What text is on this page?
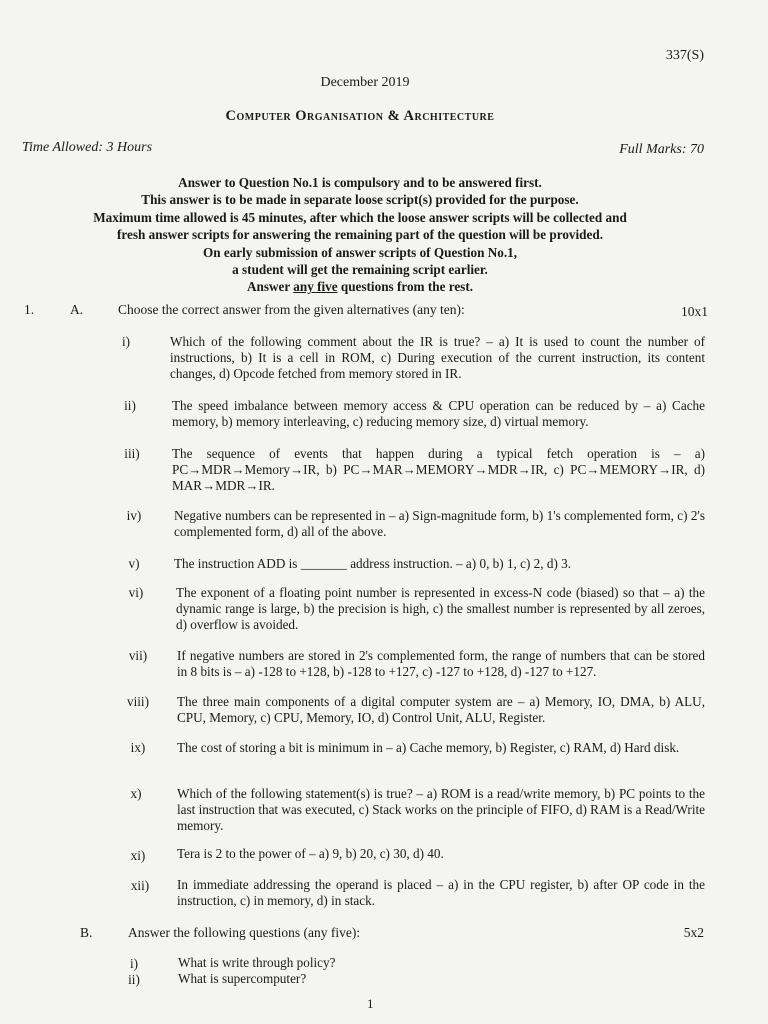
337(S)
December 2019
Computer Organisation & Architecture
Time Allowed: 3 Hours	Full Marks: 70
Answer to Question No.1 is compulsory and to be answered first.
This answer is to be made in separate loose script(s) provided for the purpose.
Maximum time allowed is 45 minutes, after which the loose answer scripts will be collected and
fresh answer scripts for answering the remaining part of the question will be provided.
On early submission of answer scripts of Question No.1,
a student will get the remaining script earlier.
Answer any five questions from the rest.
1.	A.	Choose the correct answer from the given alternatives (any ten):	10x1
i)	Which of the following comment about the IR is true? – a) It is used to count the number of instructions, b) It is a cell in ROM, c) During execution of the current instruction, its content changes, d) Opcode fetched from memory stored in IR.
ii)	The speed imbalance between memory access & CPU operation can be reduced by – a) Cache memory, b) memory interleaving, c) reducing memory size, d) virtual memory.
iii)	The sequence of events that happen during a typical fetch operation is – a) PC→MDR→Memory→IR, b) PC→MAR→MEMORY→MDR→IR, c) PC→MEMORY→IR, d) MAR→MDR→IR.
iv)	Negative numbers can be represented in – a) Sign-magnitude form, b) 1's complemented form, c) 2's complemented form, d) all of the above.
v)	The instruction ADD is _______ address instruction. – a) 0, b) 1, c) 2, d) 3.
vi)	The exponent of a floating point number is represented in excess-N code (biased) so that – a) the dynamic range is large, b) the precision is high, c) the smallest number is represented by all zeroes, d) overflow is avoided.
vii)	If negative numbers are stored in 2's complemented form, the range of numbers that can be stored in 8 bits is – a) -128 to +128, b) -128 to +127, c) -127 to +128, d) -127 to +127.
viii)	The three main components of a digital computer system are – a) Memory, IO, DMA, b) ALU, CPU, Memory, c) CPU, Memory, IO, d) Control Unit, ALU, Register.
ix)	The cost of storing a bit is minimum in – a) Cache memory, b) Register, c) RAM, d) Hard disk.
x)	Which of the following statement(s) is true? – a) ROM is a read/write memory, b) PC points to the last instruction that was executed, c) Stack works on the principle of FIFO, d) RAM is a Read/Write memory.
xi)	Tera is 2 to the power of – a) 9, b) 20, c) 30, d) 40.
xii)	In immediate addressing the operand is placed – a) in the CPU register, b) after OP code in the instruction, c) in memory, d) in stack.
B.	Answer the following questions (any five):	5x2
i)	What is write through policy?
ii)	What is supercomputer?
1
